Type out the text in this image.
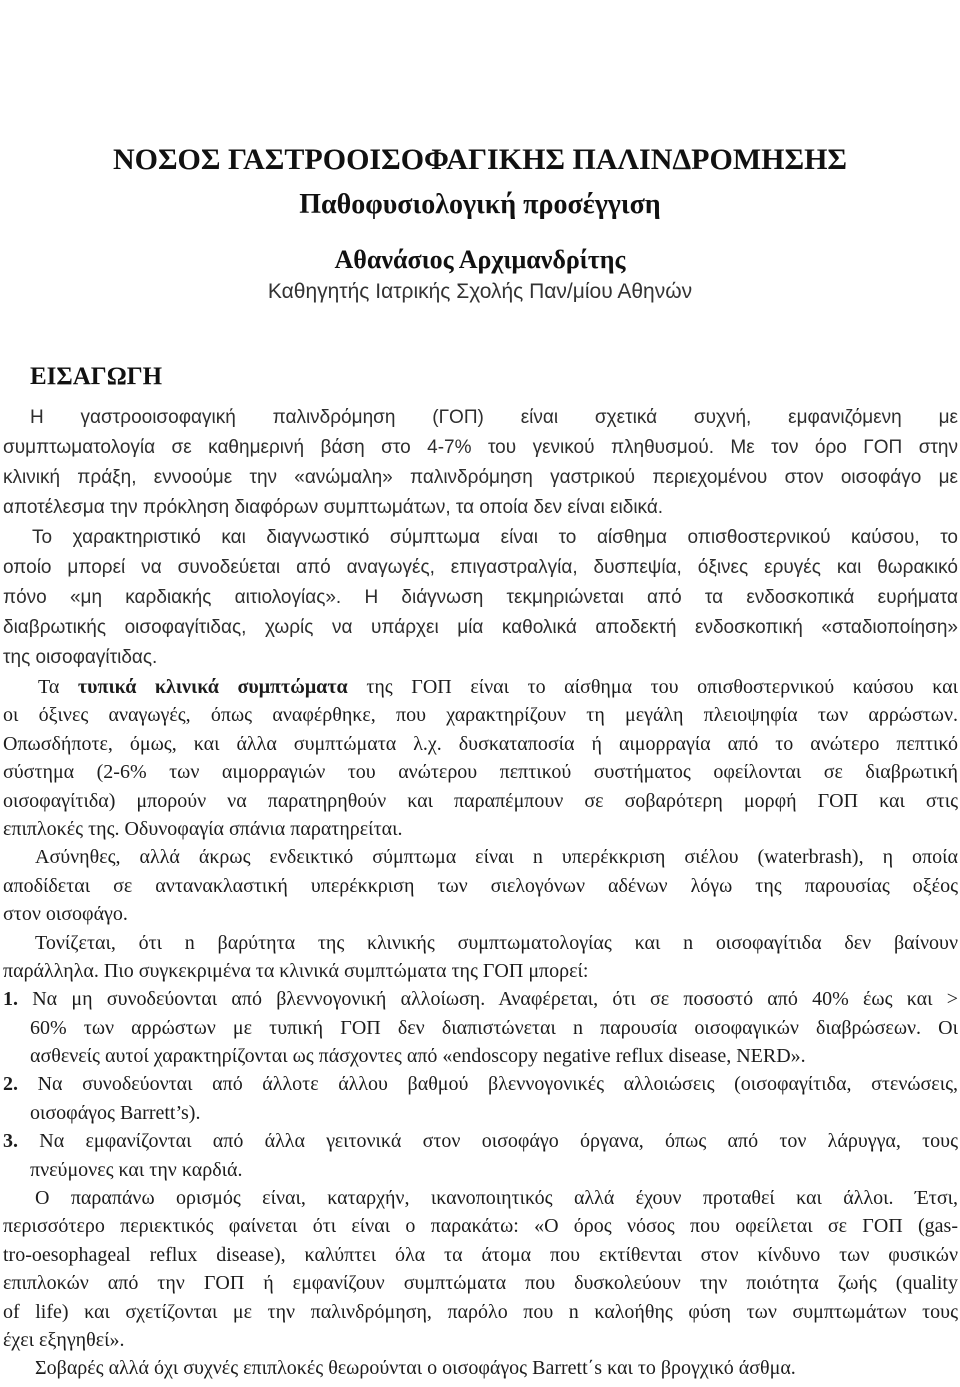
ΝΟΣΟΣ ΓΑΣΤΡΟΟΙΣΟΦΑΓΙΚΗΣ ΠΑΛΙΝΔΡΟΜΗΣΗΣ
Παθοφυσιολογική προσέγγιση
Αθανάσιος Αρχιμανδρίτης
Καθηγητής Ιατρικής Σχολής Παν/μίου Αθηνών
ΕΙΣΑΓΩΓΗ
Η γαστροοισοφαγική παλινδρόμηση (ΓΟΠ) είναι σχετικά συχνή, εμφανιζόμενη με
συμπτωματολογία σε καθημερινή βάση στο 4-7% του γενικού πληθυσμού. Με τον όρο ΓΟΠ στην
κλινική πράξη, εννοούμε την «ανώμαλη» παλινδρόμηση γαστρικού περιεχομένου στον οισοφάγο με
αποτέλεσμα την πρόκληση διαφόρων συμπτωμάτων, τα οποία δεν είναι ειδικά.
Το χαρακτηριστικό και διαγνωστικό σύμπτωμα είναι το αίσθημα οπισθοστερνικού καύσου, το
οποίο μπορεί να συνοδεύεται από αναγωγές, επιγαστραλγία, δυσπεψία, όξινες ερυγές και θωρακικό
πόνο «μη καρδιακής αιτιολογίας». Η διάγνωση τεκμηριώνεται από τα ενδοσκοπικά ευρήματα
διαβρωτικής οισοφαγίτιδας, χωρίς να υπάρχει μία καθολικά αποδεκτή ενδοσκοπική «σταδιοποίηση»
της οισοφαγίτιδας.
Τα τυπικά κλινικά συμπτώματα της ΓΟΠ είναι το αίσθημα του οπισθοστερνικού καύσου και
οι όξινες αναγωγές, όπως αναφέρθηκε, που χαρακτηρίζουν τη μεγάλη πλειοψηφία των αρρώστων.
Οπωσδήποτε, όμως, και άλλα συμπτώματα λ.χ. δυσκαταποσία ή αιμορραγία από το ανώτερο πεπτικό
σύστημα (2-6% των αιμορραγιών του ανώτερου πεπτικού συστήματος οφείλονται σε διαβρωτική
οισοφαγίτιδα) μπορούν να παρατηρηθούν και παραπέμπουν σε σοβαρότερη μορφή ΓΟΠ και στις
επιπλοκές της. Οδυνοφαγία σπάνια παρατηρείται.
Ασύνηθες, αλλά άκρως ενδεικτικό σύμπτωμα είναι n υπερέκκριση σιέλου (waterbrash), η οποία
αποδίδεται σε αντανακλαστική υπερέκκριση των σιελογόνων αδένων λόγω της παρουσίας οξέος
στον οισοφάγο.
Τονίζεται, ότι n βαρύτητα της κλινικής συμπτωματολογίας και n οισοφαγίτιδα δεν βαίνουν
παράλληλα. Πιο συγκεκριμένα τα κλινικά συμπτώματα της ΓΟΠ μπορεί:
1. Να μη συνοδεύονται από βλεννογονική αλλοίωση. Αναφέρεται, ότι σε ποσοστό από 40% έως και >
60% των αρρώστων με τυπική ΓΟΠ δεν διαπιστώνεται n παρουσία οισοφαγικών διαβρώσεων. Οι
ασθενείς αυτοί χαρακτηρίζονται ως πάσχοντες από «endoscopy negative reflux disease, NERD».
2. Να συνοδεύονται από άλλοτε άλλου βαθμού βλεννογονικές αλλοιώσεις (οισοφαγίτιδα, στενώσεις,
οισοφάγος Barrett’s).
3. Να εμφανίζονται από άλλα γειτονικά στον οισοφάγο όργανα, όπως από τον λάρυγγα, τους
πνεύμονες και την καρδιά.
Ο παραπάνω ορισμός είναι, καταρχήν, ικανοποιητικός αλλά έχουν προταθεί και άλλοι. Έτσι,
περισσότερο περιεκτικός φαίνεται ότι είναι ο παρακάτω: «Ο όρος νόσος που οφείλεται σε ΓΟΠ (gas-
tro-oesophageal reflux disease), καλύπτει όλα τα άτομα που εκτίθενται στον κίνδυνο των φυσικών
επιπλοκών από την ΓΟΠ ή εμφανίζουν συμπτώματα που δυσκολεύουν την ποιότητα ζωής (quality
of life) και σχετίζονται με την παλινδρόμηση, παρόλο που n καλοήθης φύση των συμπτωμάτων τους
έχει εξηγηθεί».
Σοβαρές αλλά όχι συχνές επιπλοκές θεωρούνται ο οισοφάγος Barrett΄s και το βρογχικό άσθμα.
